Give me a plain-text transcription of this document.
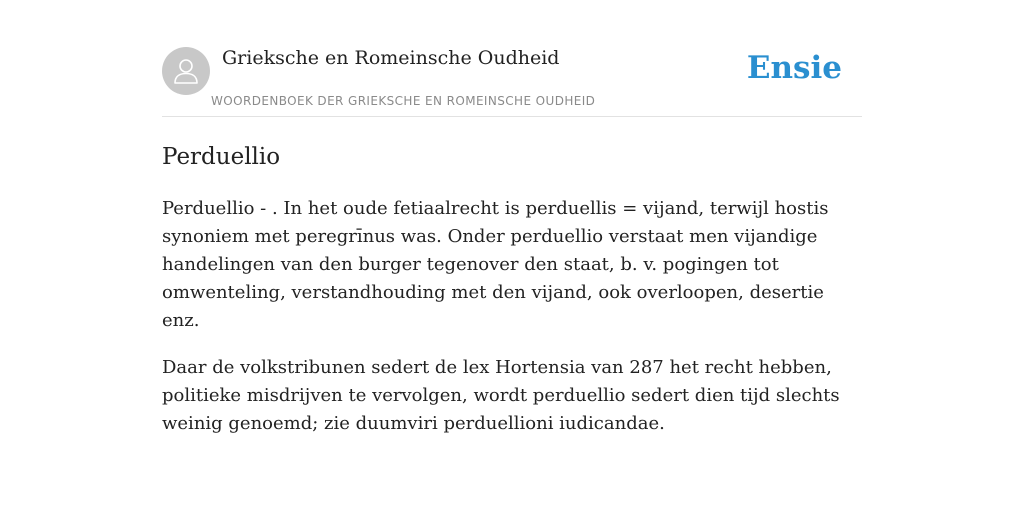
Grieksche en Romeinsche Oudheid
WOORDENBOEK DER GRIEKSCHE EN ROMEINSCHE OUDHEID
Ensie
Perduellio

Perduellio - . In het oude fetiaalrecht is perduellis = vijand, terwijl hostis synoniem met peregrīnus was. Onder perduellio verstaat men vijandige handelingen van den burger tegenover den staat, b. v. pogingen tot omwenteling, verstandhouding met den vijand, ook overloopen, desertie enz.

Daar de volkstribunen sedert de lex Hortensia van 287 het recht hebben, politieke misdrijven te vervolgen, wordt perduellio sedert dien tijd slechts weinig genoemd; zie duumviri perduellioni iudicandae.
